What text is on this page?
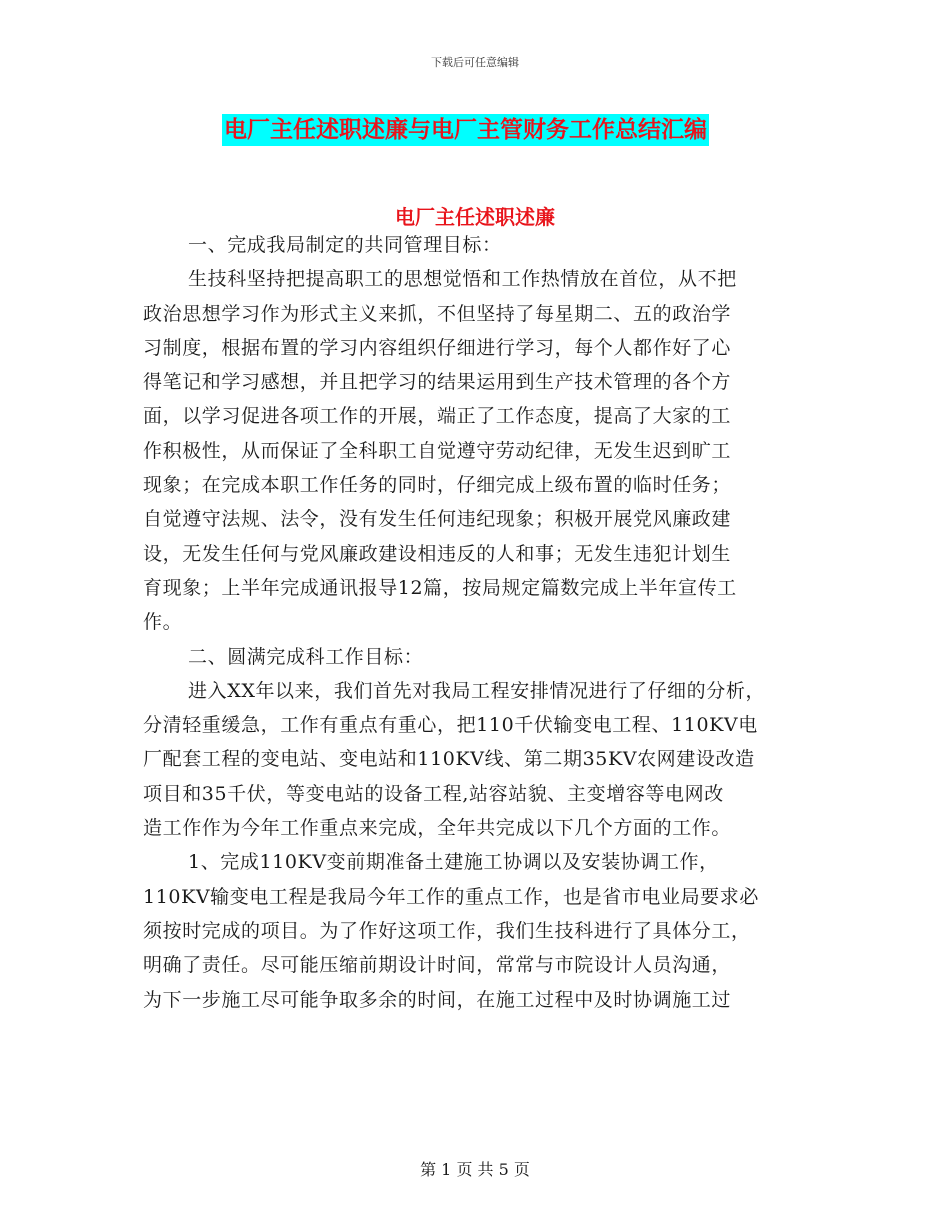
下载后可任意编辑
电厂主任述职述廉与电厂主管财务工作总结汇编
电厂主任述职述廉
一、完成我局制定的共同管理目标：
生技科坚持把提高职工的思想觉悟和工作热情放在首位，从不把
政治思想学习作为形式主义来抓，不但坚持了每星期二、五的政治学
习制度，根据布置的学习内容组织仔细进行学习，每个人都作好了心
得笔记和学习感想，并且把学习的结果运用到生产技术管理的各个方
面，以学习促进各项工作的开展，端正了工作态度，提高了大家的工
作积极性，从而保证了全科职工自觉遵守劳动纪律，无发生迟到旷工
现象；在完成本职工作任务的同时，仔细完成上级布置的临时任务；
自觉遵守法规、法令，没有发生任何违纪现象；积极开展党风廉政建
设，无发生任何与党风廉政建设相违反的人和事；无发生违犯计划生
育现象；上半年完成通讯报导12篇，按局规定篇数完成上半年宣传工
作。
二、圆满完成科工作目标：
进入XX年以来，我们首先对我局工程安排情况进行了仔细的分析，
分清轻重缓急，工作有重点有重心，把110千伏输变电工程、110KV电
厂配套工程的变电站、变电站和110KV线、第二期35KV农网建设改造
项目和35千伏，等变电站的设备工程,站容站貌、主变增容等电网改
造工作作为今年工作重点来完成，全年共完成以下几个方面的工作。
1、完成110KV变前期准备土建施工协调以及安装协调工作，
110KV输变电工程是我局今年工作的重点工作，也是省市电业局要求必
须按时完成的项目。为了作好这项工作，我们生技科进行了具体分工，
明确了责任。尽可能压缩前期设计时间，常常与市院设计人员沟通，
为下一步施工尽可能争取多余的时间，在施工过程中及时协调施工过
第 1 页 共 5 页
